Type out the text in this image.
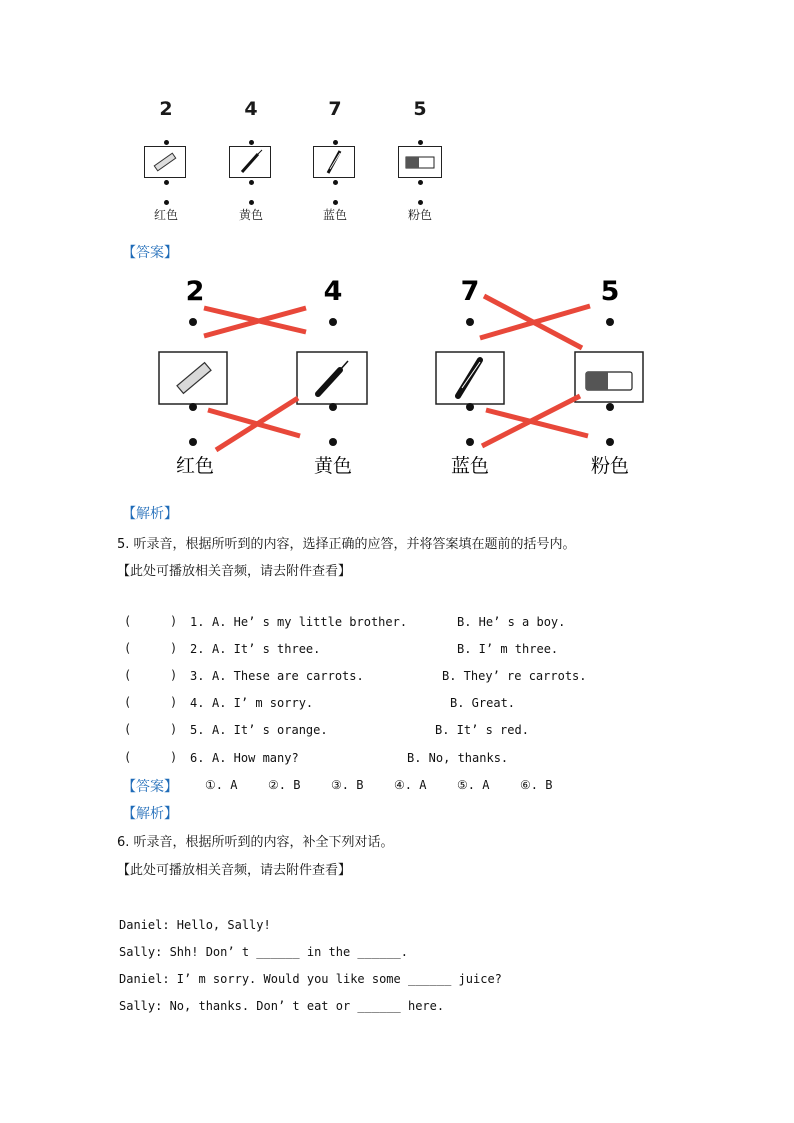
2	4	7	5
红色	黄色	蓝色	粉色
【答案】
2	4	7	5
红色	黄色	蓝色	粉色
【解析】
5. 听录音，根据所听到的内容，选择正确的应答，并将答案填在题前的括号内。
【此处可播放相关音频，请去附件查看】
(	) 1. A. He’ s my little brother.	B. He’ s a boy.
(	) 2. A. It’ s three.	B. I’ m three.
(	) 3. A. These are carrots.	B. They’ re carrots.
(	) 4. A. I’ m sorry.	B. Great.
(	) 5. A. It’ s orange.	B. It’ s red.
(	) 6. A. How many?	B. No, thanks.
【答案】 ①. A	②. B	③. B	④. A	⑤. A	⑥. B
【解析】
6. 听录音，根据所听到的内容，补全下列对话。
【此处可播放相关音频，请去附件查看】
Daniel: Hello, Sally!
Sally: Shh! Don’ t ______ in the ______.
Daniel: I’ m sorry. Would you like some ______ juice?
Sally: No, thanks. Don’ t eat or ______ here.
